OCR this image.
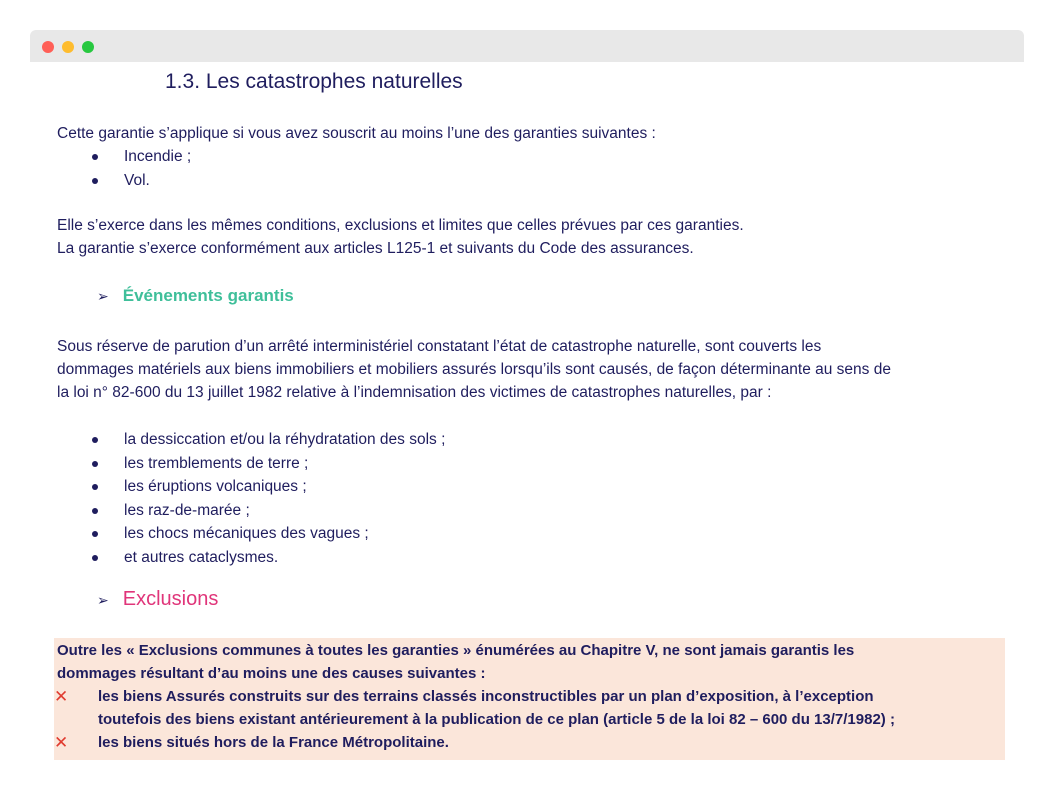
1.3. Les catastrophes naturelles
Cette garantie s’applique si vous avez souscrit au moins l’une des garanties suivantes :
Incendie ;
Vol.
Elle s’exerce dans les mêmes conditions, exclusions et limites que celles prévues par ces garanties.
La garantie s’exerce conformément aux articles L125-1 et suivants du Code des assurances.
➢ Événements garantis
Sous réserve de parution d’un arrêté interministériel constatant l’état de catastrophe naturelle, sont couverts les
dommages matériels aux biens immobiliers et mobiliers assurés lorsqu’ils sont causés, de façon déterminante au sens de
la loi n° 82-600 du 13 juillet 1982 relative à l’indemnisation des victimes de catastrophes naturelles, par :
la dessiccation et/ou la réhydratation des sols ;
les tremblements de terre ;
les éruptions volcaniques ;
les raz-de-marée ;
les chocs mécaniques des vagues ;
et autres cataclysmes.
➢ Exclusions
Outre les « Exclusions communes à toutes les garanties » énumérées au Chapitre V, ne sont jamais garantis les
dommages résultant d’au moins une des causes suivantes :
✕ les biens Assurés construits sur des terrains classés inconstructibles par un plan d’exposition, à l’exception
toutefois des biens existant antérieurement à la publication de ce plan (article 5 de la loi 82 – 600 du 13/7/1982) ;
✕ les biens situés hors de la France Métropolitaine.
